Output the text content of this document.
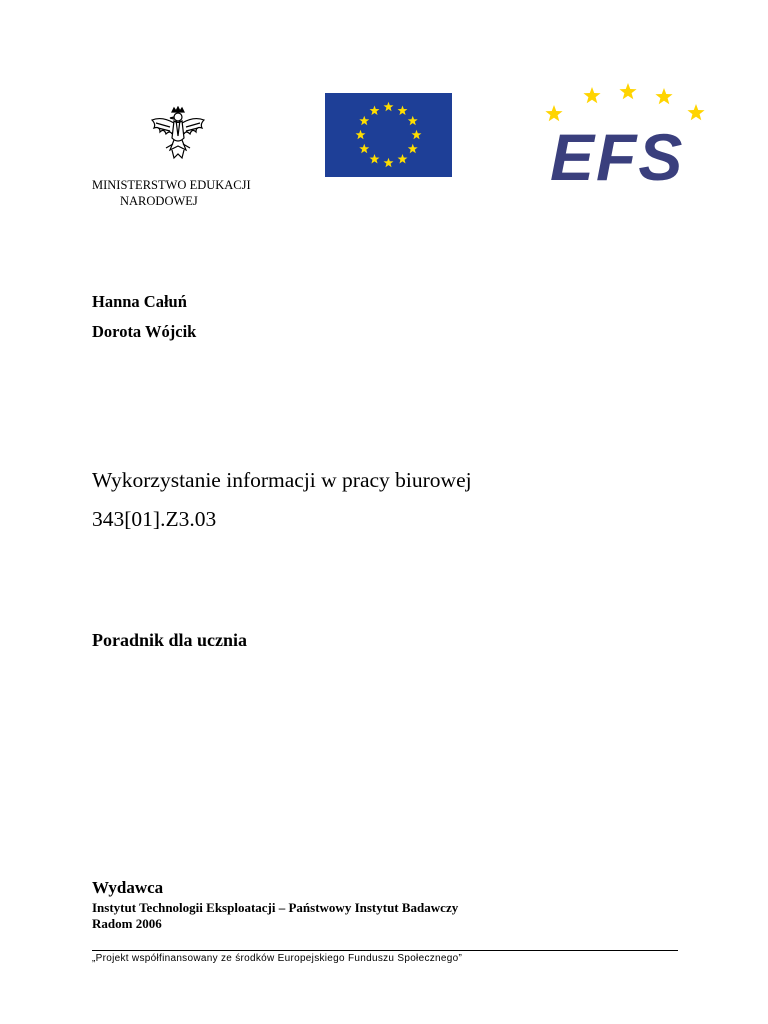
EFS
MINISTERSTWO EDUKACJI
NARODOWEJ
Hanna Całuń
Dorota Wójcik
Wykorzystanie informacji w pracy biurowej
343[01].Z3.03
Poradnik dla ucznia
Wydawca
Instytut Technologii Eksploatacji – Państwowy Instytut Badawczy
Radom 2006
„Projekt współfinansowany ze środków Europejskiego Funduszu Społecznego”
